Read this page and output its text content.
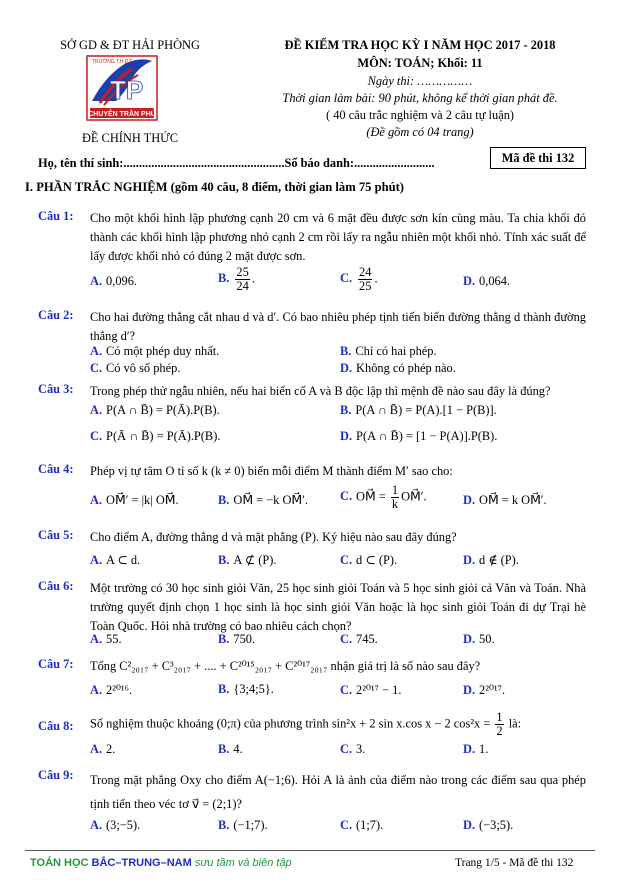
SỞ GD & ĐT HẢI PHÒNG
TP
TRƯỜNG T.H.P.T
CHUYÊN TRẦN PHÚ
ĐỀ CHÍNH THỨC
ĐỀ KIỂM TRA HỌC KỲ I NĂM HỌC 2017 - 2018
MÔN: TOÁN; Khối: 11
Ngày thi: ……………
Thời gian làm bài: 90 phút, không kể thời gian phát đề.
( 40 câu trắc nghiệm và 2 câu tự luận)
(Đề gồm có 04 trang)
Họ, tên thí sinh:....................................................Số báo danh:..........................	Mã đề thi 132
I. PHẦN TRẮC NGHIỆM (gồm 40 câu, 8 điểm, thời gian làm 75 phút)
Câu 1: Cho một khối hình lập phương cạnh 20 cm và 6 mặt đều được sơn kín cùng màu. Ta chia khối đó thành các khối hình lập phương nhỏ cạnh 2 cm rồi lấy ra ngẫu nhiên một khối nhỏ. Tính xác suất để lấy được khối nhỏ có đúng 2 mặt được sơn.
A. 0,096.	B. $\frac{25}{24}$ .	C. $\frac{24}{25}$ .	D. 0,064.
Câu 2: Cho hai đường thẳng cắt nhau d và d′. Có bao nhiêu phép tịnh tiến biến đường thẳng d thành đường thẳng d′?
A. Có một phép duy nhất.	B. Chỉ có hai phép.
C. Có vô số phép.	D. Không có phép nào.
Câu 3: Trong phép thử ngẫu nhiên, nếu hai biến cố A và B độc lập thì mệnh đề nào sau đây là đúng?
A. P(A ∩ B̄) = P(Ā).P(B).	B. P(A ∩ B̄) = P(A).[1 − P(B)].
C. P(Ā ∩ B̄) = P(Ā).P(B).	D. P(A ∩ B̄) = [1 − P(A)].P(B).
Câu 4: Phép vị tự tâm O tỉ số k (k ≠ 0) biến mỗi điểm M thành điểm M′ sao cho:
A. OM⃗′ = |k| OM⃗.	B. OM⃗ = −k OM⃗′.	C. OM⃗ = $\frac{1}{k}$ OM⃗′.	D. OM⃗ = k OM⃗′.
Câu 5: Cho điểm A, đường thẳng d và mặt phẳng (P). Ký hiệu nào sau đây đúng?
A. A ⊂ d.	B. A ⊄ (P).	C. d ⊂ (P).	D. d ∉ (P).
Câu 6: Một trường có 30 học sinh giỏi Văn, 25 học sinh giỏi Toán và 5 học sinh giỏi cả Văn và Toán. Nhà trường quyết định chọn 1 học sinh là học sinh giỏi Văn hoặc là học sinh giỏi Toán đi dự Trại hè Toàn Quốc. Hỏi nhà trường có bao nhiêu cách chọn?
A. 55.	B. 750.	C. 745.	D. 50.
Câu 7: Tổng C²₂₀₁₇ + C³₂₀₁₇ + .... + C²⁰¹⁵₂₀₁₇ + C²⁰¹⁷₂₀₁₇ nhận giá trị là số nào sau đây?
A. 2²⁰¹⁶.	B. {3;4;5}.	C. 2²⁰¹⁷ − 1.	D. 2²⁰¹⁷.
Câu 8: Số nghiệm thuộc khoảng (0;π) của phương trình sin²x + 2 sin x.cos x − 2 $\cos^2x = \frac{1}{2}$ là:
A. 2.	B. 4.	C. 3.	D. 1.
Câu 9: Trong mặt phẳng Oxy cho điểm A(−1;6). Hỏi A là ảnh của điểm nào trong các điểm sau qua phép tịnh tiến theo véc tơ v⃗ = (2;1)?
A. (3;−5).	B. (−1;7).	C. (1;7).	D. (−3;5).
TOÁN HỌC BẮC–TRUNG–NAM sưu tầm và biên tập	Trang 1/5 - Mã đề thi 132
